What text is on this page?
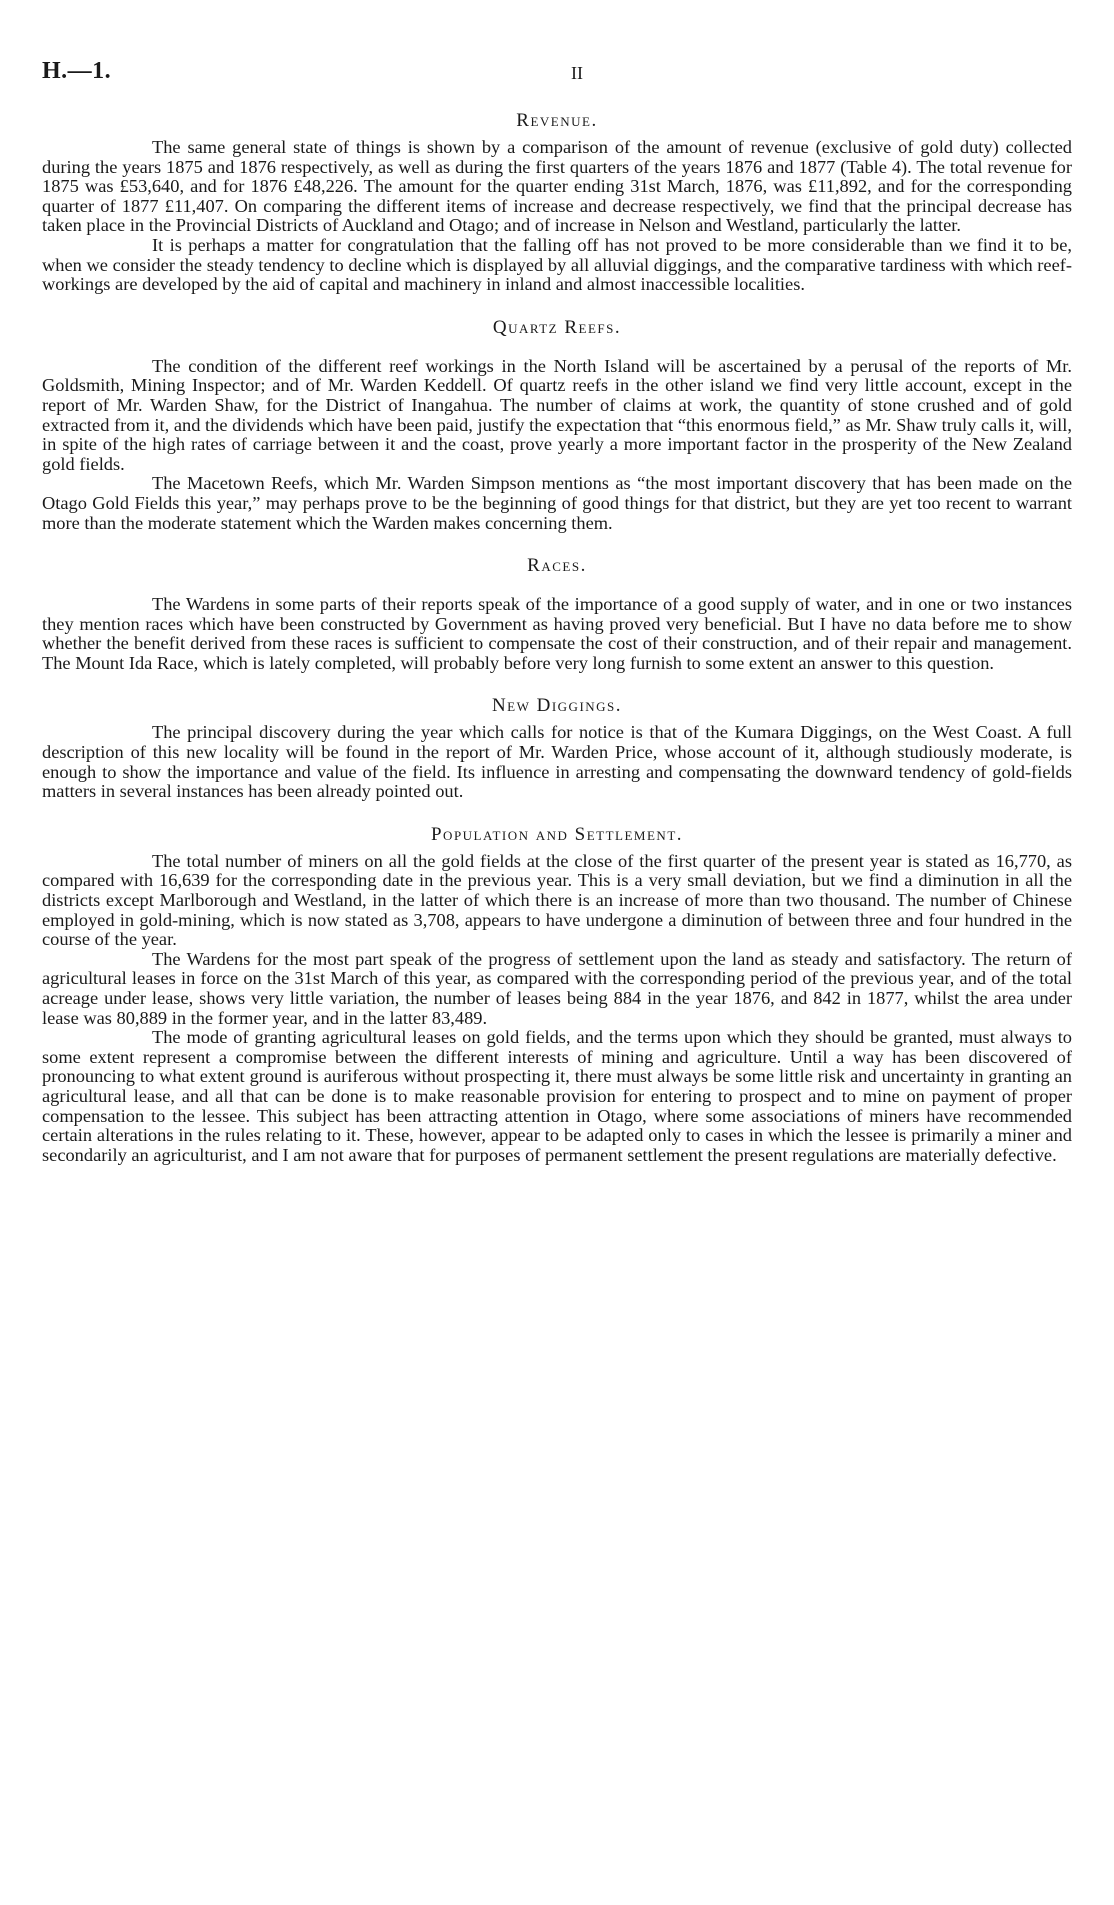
H.—1.	II
Revenue.

The same general state of things is shown by a comparison of the amount of revenue (exclusive of gold duty) collected during the years 1875 and 1876 respectively, as well as during the first quarters of the years 1876 and 1877 (Table 4). The total revenue for 1875 was £53,640, and for 1876 £48,226. The amount for the quarter ending 31st March, 1876, was £11,892, and for the corresponding quarter of 1877 £11,407. On comparing the different items of increase and decrease respectively, we find that the principal decrease has taken place in the Provincial Districts of Auckland and Otago; and of increase in Nelson and Westland, particularly the latter.

It is perhaps a matter for congratulation that the falling off has not proved to be more considerable than we find it to be, when we consider the steady tendency to decline which is displayed by all alluvial diggings, and the comparative tardiness with which reef-workings are developed by the aid of capital and machinery in inland and almost inaccessible localities.

Quartz Reefs.

The condition of the different reef workings in the North Island will be ascertained by a perusal of the reports of Mr. Goldsmith, Mining Inspector; and of Mr. Warden Keddell. Of quartz reefs in the other island we find very little account, except in the report of Mr. Warden Shaw, for the District of Inangahua. The number of claims at work, the quantity of stone crushed and of gold extracted from it, and the dividends which have been paid, justify the expectation that “this enormous field,” as Mr. Shaw truly calls it, will, in spite of the high rates of carriage between it and the coast, prove yearly a more important factor in the prosperity of the New Zealand gold fields.

The Macetown Reefs, which Mr. Warden Simpson mentions as “the most important discovery that has been made on the Otago Gold Fields this year,” may perhaps prove to be the beginning of good things for that district, but they are yet too recent to warrant more than the moderate statement which the Warden makes concerning them.

Races.

The Wardens in some parts of their reports speak of the importance of a good supply of water, and in one or two instances they mention races which have been constructed by Government as having proved very beneficial. But I have no data before me to show whether the benefit derived from these races is sufficient to compensate the cost of their construction, and of their repair and management. The Mount Ida Race, which is lately completed, will probably before very long furnish to some extent an answer to this question.

New Diggings.

The principal discovery during the year which calls for notice is that of the Kumara Diggings, on the West Coast. A full description of this new locality will be found in the report of Mr. Warden Price, whose account of it, although studiously moderate, is enough to show the importance and value of the field. Its influence in arresting and compensating the downward tendency of gold-fields matters in several instances has been already pointed out.

Population and Settlement.

The total number of miners on all the gold fields at the close of the first quarter of the present year is stated as 16,770, as compared with 16,639 for the corresponding date in the previous year. This is a very small deviation, but we find a diminution in all the districts except Marlborough and Westland, in the latter of which there is an increase of more than two thousand. The number of Chinese employed in gold-mining, which is now stated as 3,708, appears to have undergone a diminution of between three and four hundred in the course of the year.

The Wardens for the most part speak of the progress of settlement upon the land as steady and satisfactory. The return of agricultural leases in force on the 31st March of this year, as compared with the corresponding period of the previous year, and of the total acreage under lease, shows very little variation, the number of leases being 884 in the year 1876, and 842 in 1877, whilst the area under lease was 80,889 in the former year, and in the latter 83,489.

The mode of granting agricultural leases on gold fields, and the terms upon which they should be granted, must always to some extent represent a compromise between the different interests of mining and agriculture. Until a way has been discovered of pronouncing to what extent ground is auriferous without prospecting it, there must always be some little risk and uncertainty in granting an agricultural lease, and all that can be done is to make reasonable provision for entering to prospect and to mine on payment of proper compensation to the lessee. This subject has been attracting attention in Otago, where some associations of miners have recommended certain alterations in the rules relating to it. These, however, appear to be adapted only to cases in which the lessee is primarily a miner and secondarily an agriculturist, and I am not aware that for purposes of permanent settlement the present regulations are materially defective.
